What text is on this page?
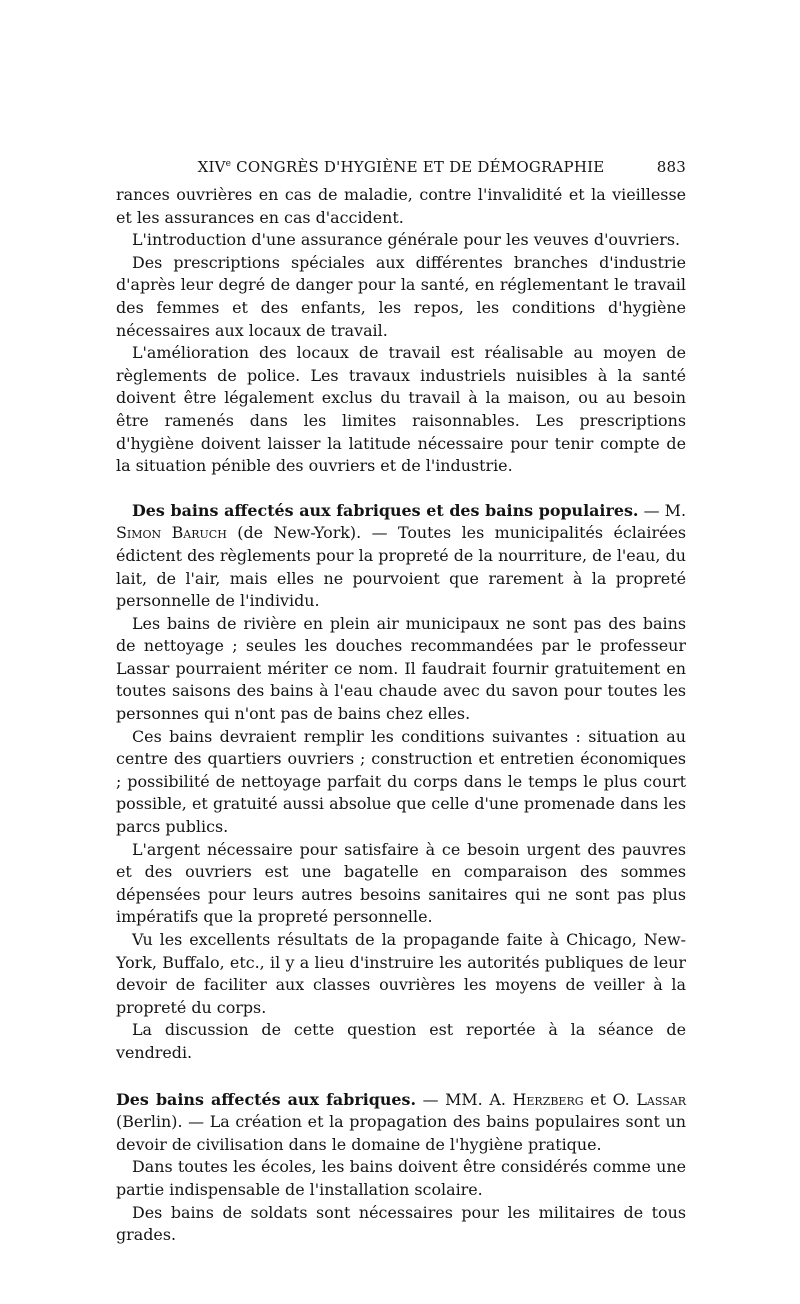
XIVe CONGRÈS D'HYGIÈNE ET DE DÉMOGRAPHIE	883

rances ouvrières en cas de maladie, contre l'invalidité et la vieillesse et les assurances en cas d'accident.

L'introduction d'une assurance générale pour les veuves d'ouvriers.

Des prescriptions spéciales aux différentes branches d'industrie d'après leur degré de danger pour la santé, en réglementant le travail des femmes et des enfants, les repos, les conditions d'hygiène nécessaires aux locaux de travail.

L'amélioration des locaux de travail est réalisable au moyen de règlements de police. Les travaux industriels nuisibles à la santé doivent être légalement exclus du travail à la maison, ou au besoin être ramenés dans les limites raisonnables. Les prescriptions d'hygiène doivent laisser la latitude nécessaire pour tenir compte de la situation pénible des ouvriers et de l'industrie.

Des bains affectés aux fabriques et des bains populaires. — M. Simon Baruch (de New-York). — Toutes les municipalités éclairées édictent des règlements pour la propreté de la nourriture, de l'eau, du lait, de l'air, mais elles ne pourvoient que rarement à la propreté personnelle de l'individu.

Les bains de rivière en plein air municipaux ne sont pas des bains de nettoyage ; seules les douches recommandées par le professeur Lassar pourraient mériter ce nom. Il faudrait fournir gratuitement en toutes saisons des bains à l'eau chaude avec du savon pour toutes les personnes qui n'ont pas de bains chez elles.

Ces bains devraient remplir les conditions suivantes : situation au centre des quartiers ouvriers ; construction et entretien économiques ; possibilité de nettoyage parfait du corps dans le temps le plus court possible, et gratuité aussi absolue que celle d'une promenade dans les parcs publics.

L'argent nécessaire pour satisfaire à ce besoin urgent des pauvres et des ouvriers est une bagatelle en comparaison des sommes dépensées pour leurs autres besoins sanitaires qui ne sont pas plus impératifs que la propreté personnelle.

Vu les excellents résultats de la propagande faite à Chicago, New-York, Buffalo, etc., il y a lieu d'instruire les autorités publiques de leur devoir de faciliter aux classes ouvrières les moyens de veiller à la propreté du corps.

La discussion de cette question est reportée à la séance de vendredi.

Des bains affectés aux fabriques. — MM. A. Herzberg et O. Lassar (Berlin). — La création et la propagation des bains populaires sont un devoir de civilisation dans le domaine de l'hygiène pratique.

Dans toutes les écoles, les bains doivent être considérés comme une partie indispensable de l'installation scolaire.

Des bains de soldats sont nécessaires pour les militaires de tous grades.
